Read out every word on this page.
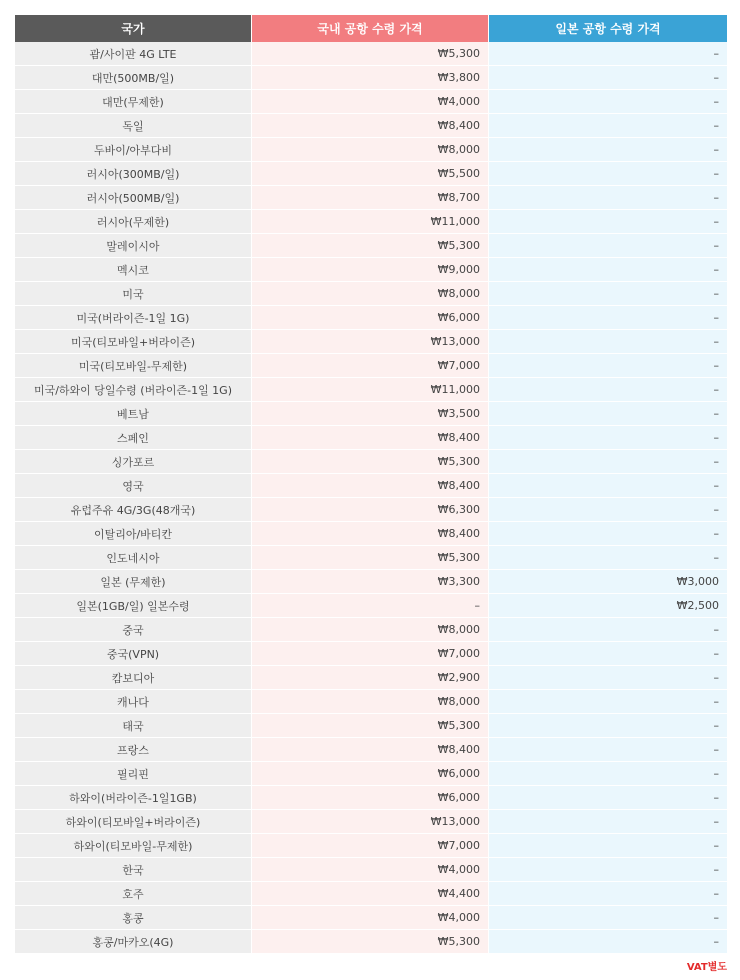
국가	국내 공항 수령 가격	일본 공항 수령 가격
괌/사이판 4G LTE	₩5,300	–
대만(500MB/일)	₩3,800	–
대만(무제한)	₩4,000	–
독일	₩8,400	–
두바이/아부다비	₩8,000	–
러시아(300MB/일)	₩5,500	–
러시아(500MB/일)	₩8,700	–
러시아(무제한)	₩11,000	–
말레이시아	₩5,300	–
멕시코	₩9,000	–
미국	₩8,000	–
미국(버라이즌-1일 1G)	₩6,000	–
미국(티모바일+버라이즌)	₩13,000	–
미국(티모바일-무제한)	₩7,000	–
미국/하와이 당일수령 (버라이즌-1일 1G)	₩11,000	–
베트남	₩3,500	–
스페인	₩8,400	–
싱가포르	₩5,300	–
영국	₩8,400	–
유럽주유 4G/3G(48개국)	₩6,300	–
이탈리아/바티칸	₩8,400	–
인도네시아	₩5,300	–
일본 (무제한)	₩3,300	₩3,000
일본(1GB/일) 일본수령	–	₩2,500
중국	₩8,000	–
중국(VPN)	₩7,000	–
캄보디아	₩2,900	–
캐나다	₩8,000	–
태국	₩5,300	–
프랑스	₩8,400	–
필리핀	₩6,000	–
하와이(버라이즌-1일1GB)	₩6,000	–
하와이(티모바일+버라이즌)	₩13,000	–
하와이(티모바일-무제한)	₩7,000	–
한국	₩4,000	–
호주	₩4,400	–
홍콩	₩4,000	–
홍콩/마카오(4G)	₩5,300	–
VAT별도
